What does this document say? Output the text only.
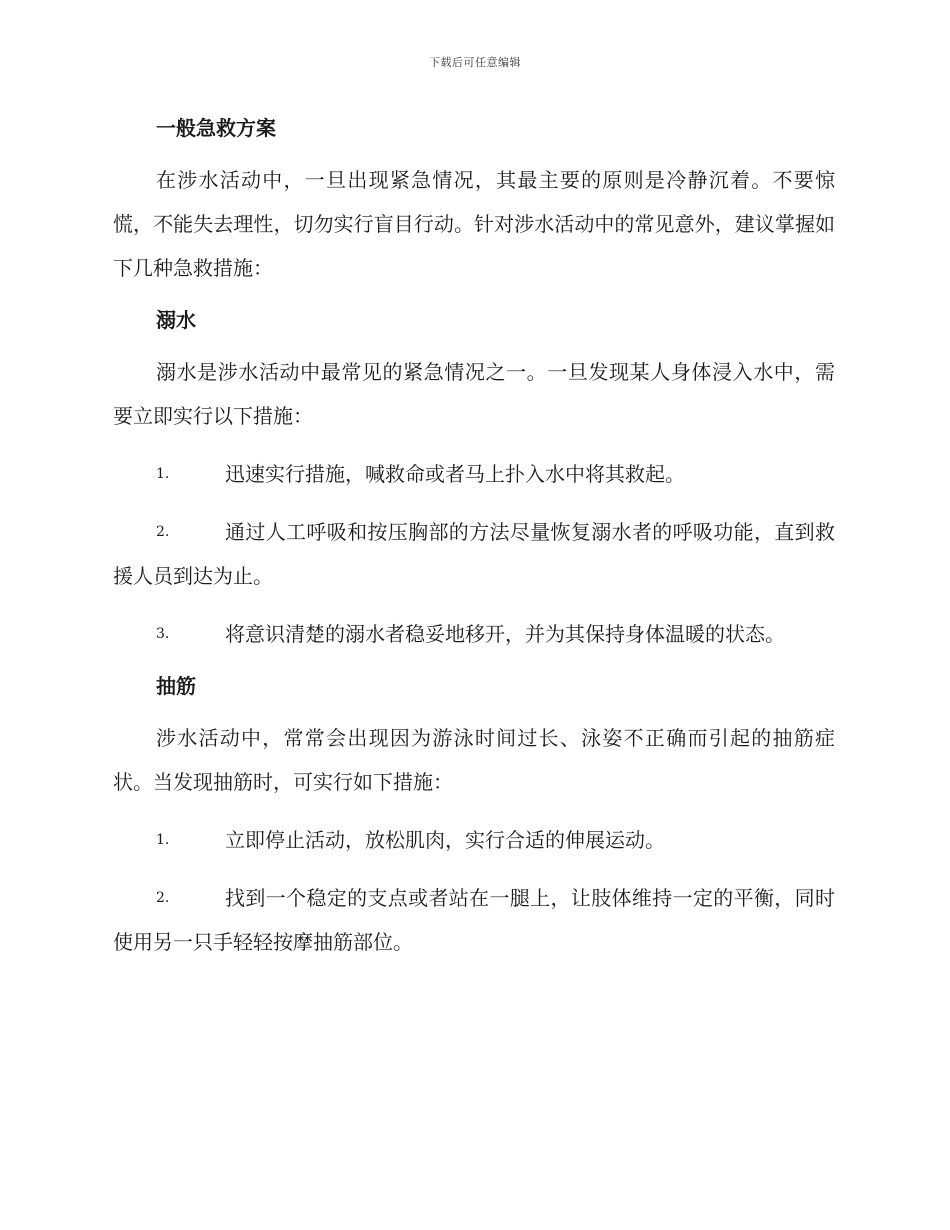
下载后可任意编辑

一般急救方案

在涉水活动中，一旦出现紧急情况，其最主要的原则是冷静沉着。不要惊慌，不能失去理性，切勿实行盲目行动。针对涉水活动中的常见意外，建议掌握如下几种急救措施：

溺水

溺水是涉水活动中最常见的紧急情况之一。一旦发现某人身体浸入水中，需要立即实行以下措施：

1.	迅速实行措施，喊救命或者马上扑入水中将其救起。

2.	通过人工呼吸和按压胸部的方法尽量恢复溺水者的呼吸功能，直到救援人员到达为止。

3.	将意识清楚的溺水者稳妥地移开，并为其保持身体温暖的状态。

抽筋

涉水活动中，常常会出现因为游泳时间过长、泳姿不正确而引起的抽筋症状。当发现抽筋时，可实行如下措施：

1.	立即停止活动，放松肌肉，实行合适的伸展运动。

2.	找到一个稳定的支点或者站在一腿上，让肢体维持一定的平衡，同时使用另一只手轻轻按摩抽筋部位。
